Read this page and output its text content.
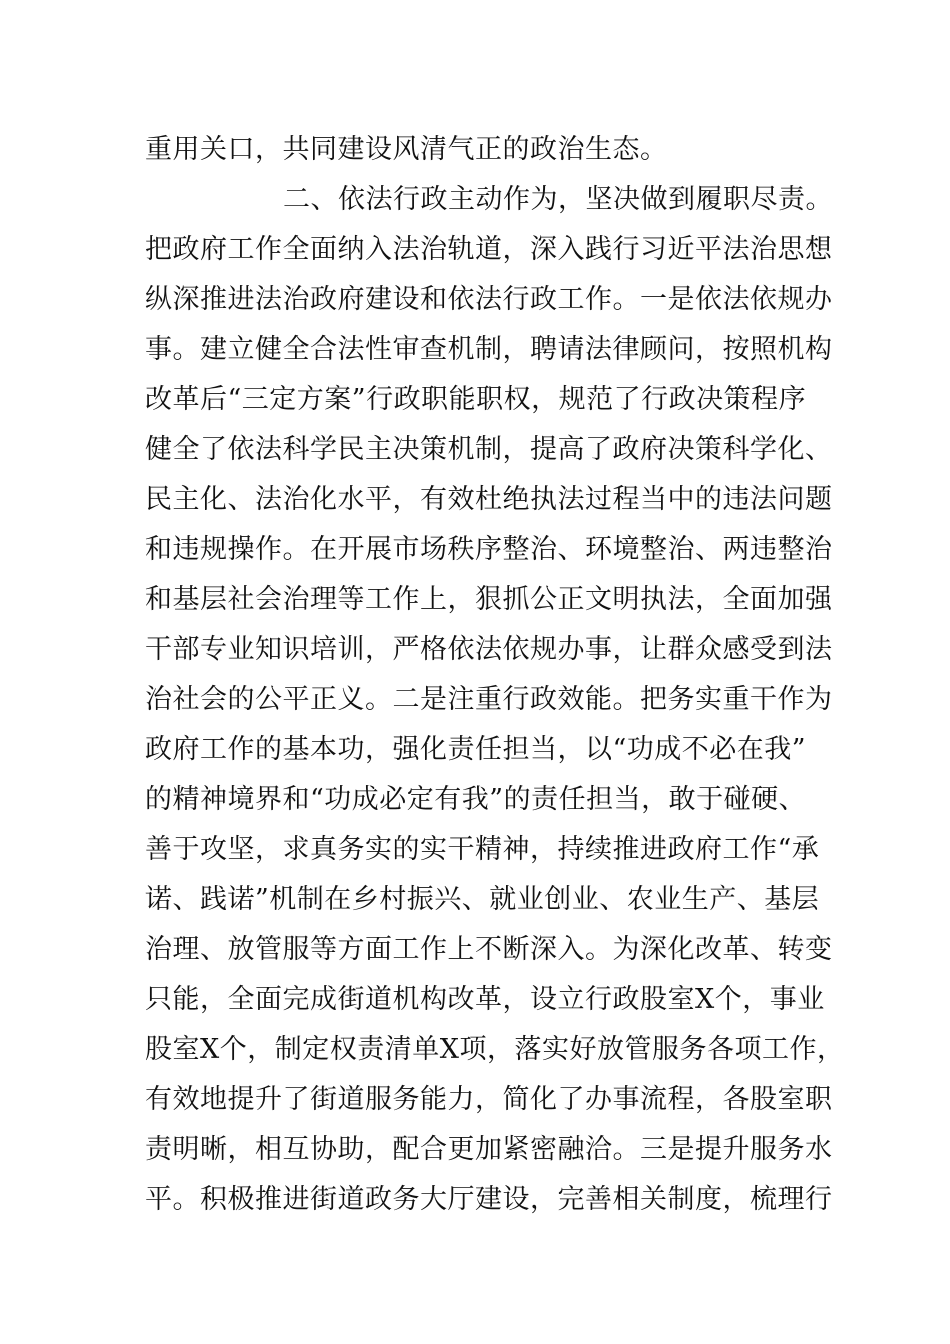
重用关口，共同建设风清气正的政治生态。
二、依法行政主动作为，坚决做到履职尽责。
把政府工作全面纳入法治轨道，深入践行习近平法治思想
纵深推进法治政府建设和依法行政工作。一是依法依规办
事。建立健全合法性审查机制，聘请法律顾问，按照机构
改革后“三定方案”行政职能职权，规范了行政决策程序
健全了依法科学民主决策机制，提高了政府决策科学化、
民主化、法治化水平，有效杜绝执法过程当中的违法问题
和违规操作。在开展市场秩序整治、环境整治、两违整治
和基层社会治理等工作上，狠抓公正文明执法，全面加强
干部专业知识培训，严格依法依规办事，让群众感受到法
治社会的公平正义。二是注重行政效能。把务实重干作为
政府工作的基本功，强化责任担当，以“功成不必在我”
的精神境界和“功成必定有我”的责任担当，敢于碰硬、
善于攻坚，求真务实的实干精神，持续推进政府工作“承
诺、践诺”机制在乡村振兴、就业创业、农业生产、基层
治理、放管服等方面工作上不断深入。为深化改革、转变
只能，全面完成街道机构改革，设立行政股室X个，事业
股室X个，制定权责清单X项，落实好放管服务各项工作，
有效地提升了街道服务能力，简化了办事流程，各股室职
责明晰，相互协助，配合更加紧密融洽。三是提升服务水
平。积极推进街道政务大厅建设，完善相关制度，梳理行
